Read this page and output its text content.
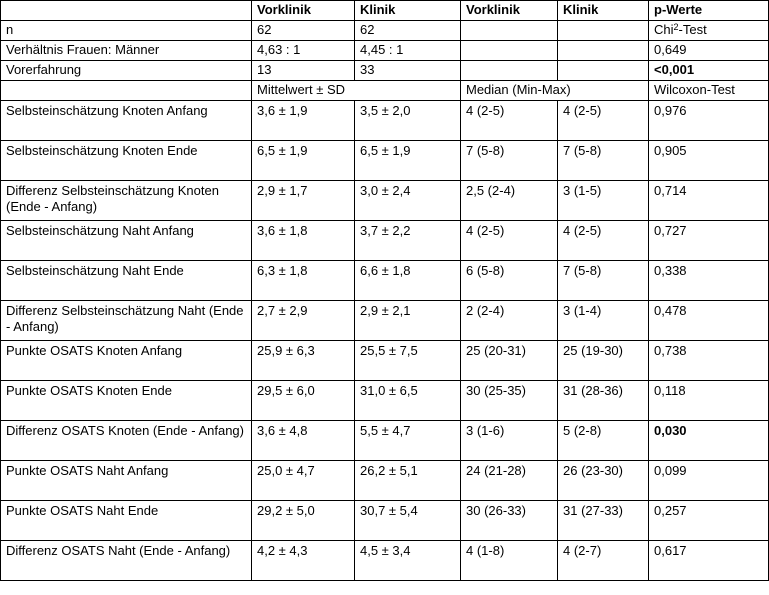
	Vorklinik	Klinik	Vorklinik	Klinik	p-Werte
n	62	62			Chi$^2$-Test
Verhältnis Frauen: Männer	4,63 : 1	4,45 : 1			0,649
Vorerfahrung	13	33			<0,001
	Mittelwert ± SD		Median (Min-Max)		Wilcoxon-Test
Selbsteinschätzung Knoten Anfang	3,6 ± 1,9	3,5 ± 2,0	4 (2-5)	4 (2-5)	0,976
Selbsteinschätzung Knoten Ende	6,5 ± 1,9	6,5 ± 1,9	7 (5-8)	7 (5-8)	0,905
Differenz Selbsteinschätzung Knoten (Ende - Anfang)	2,9 ± 1,7	3,0 ± 2,4	2,5 (2-4)	3 (1-5)	0,714
Selbsteinschätzung Naht Anfang	3,6 ± 1,8	3,7 ± 2,2	4 (2-5)	4 (2-5)	0,727
Selbsteinschätzung Naht Ende	6,3 ± 1,8	6,6 ± 1,8	6 (5-8)	7 (5-8)	0,338
Differenz Selbsteinschätzung Naht (Ende - Anfang)	2,7 ± 2,9	2,9 ± 2,1	2 (2-4)	3 (1-4)	0,478
Punkte OSATS Knoten Anfang	25,9 ± 6,3	25,5 ± 7,5	25 (20-31)	25 (19-30)	0,738
Punkte OSATS Knoten Ende	29,5 ± 6,0	31,0 ± 6,5	30 (25-35)	31 (28-36)	0,118
Differenz OSATS Knoten (Ende - Anfang)	3,6 ± 4,8	5,5 ± 4,7	3 (1-6)	5 (2-8)	0,030
Punkte OSATS Naht Anfang	25,0 ± 4,7	26,2 ± 5,1	24 (21-28)	26 (23-30)	0,099
Punkte OSATS Naht Ende	29,2 ± 5,0	30,7 ± 5,4	30 (26-33)	31 (27-33)	0,257
Differenz OSATS Naht (Ende - Anfang)	4,2 ± 4,3	4,5 ± 3,4	4 (1-8)	4 (2-7)	0,617
